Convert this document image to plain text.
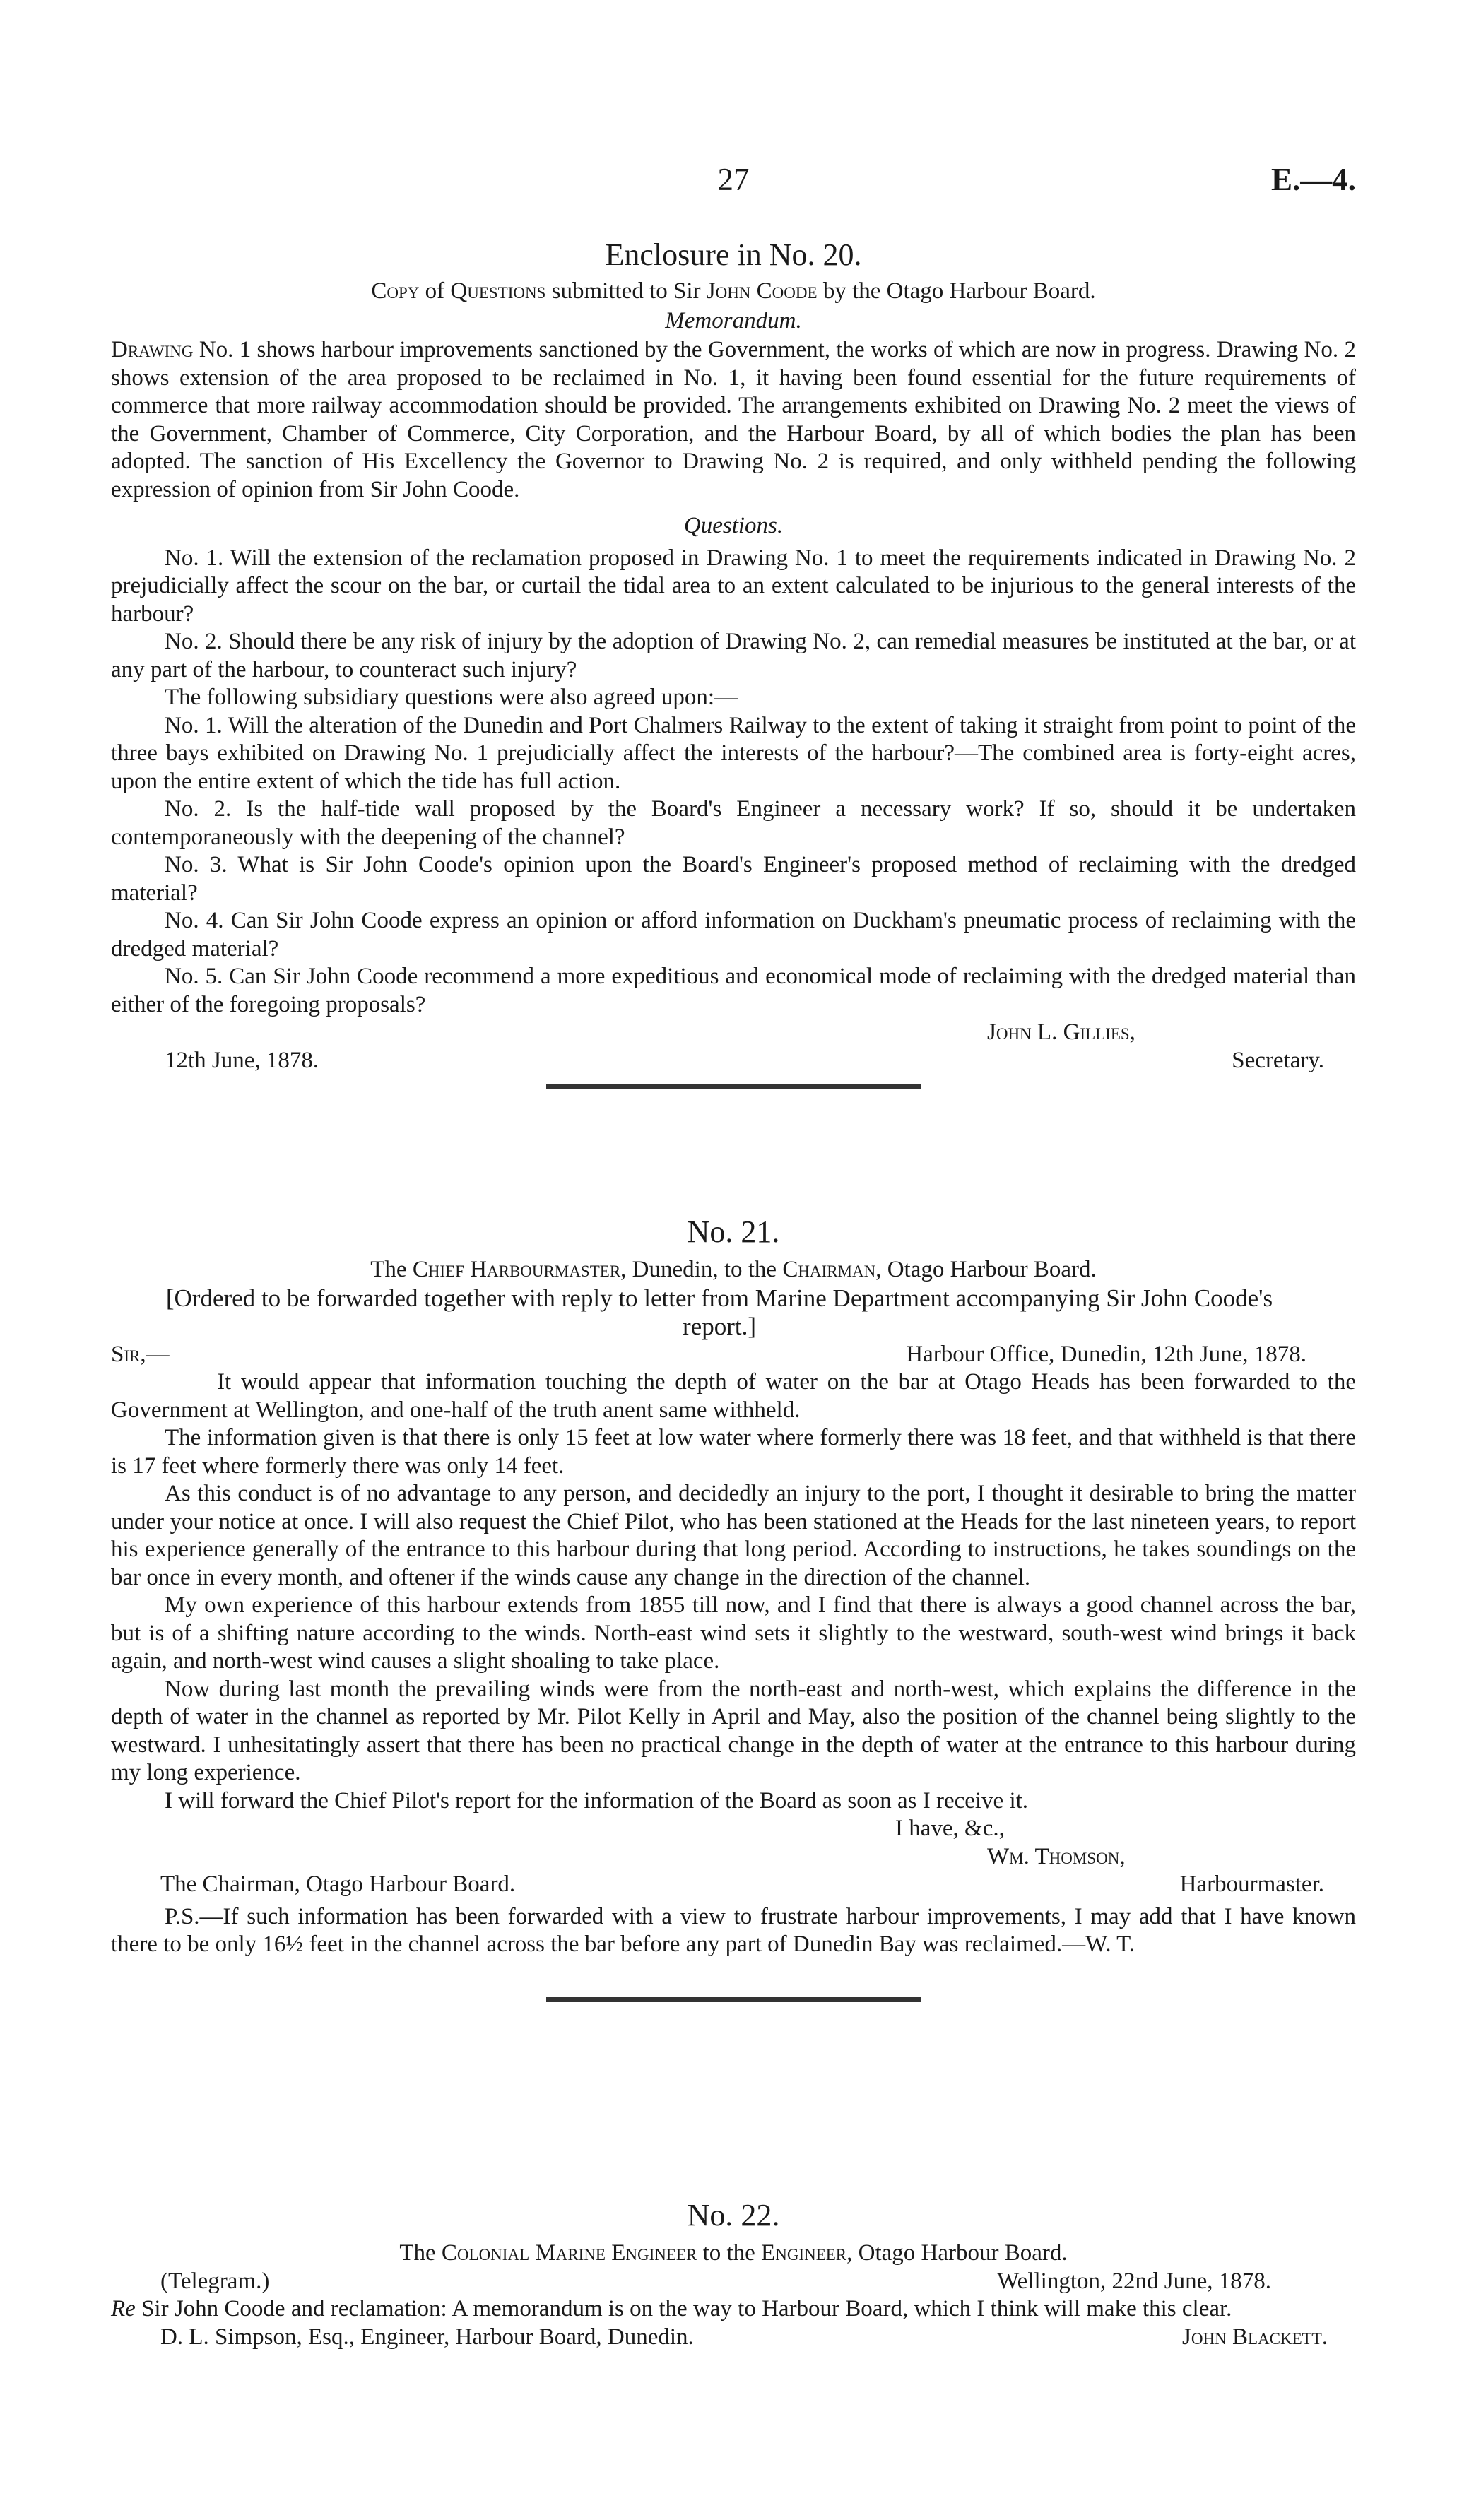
27	E.—4.
Enclosure in No. 20.
Copy of Questions submitted to Sir John Coode by the Otago Harbour Board.
Memorandum.

Drawing No. 1 shows harbour improvements sanctioned by the Government, the works of which are now in progress. Drawing No. 2 shows extension of the area proposed to be reclaimed in No. 1, it having been found essential for the future requirements of commerce that more railway accommodation should be provided. The arrangements exhibited on Drawing No. 2 meet the views of the Government, Chamber of Commerce, City Corporation, and the Harbour Board, by all of which bodies the plan has been adopted. The sanction of His Excellency the Governor to Drawing No. 2 is required, and only withheld pending the following expression of opinion from Sir John Coode.

Questions.

No. 1. Will the extension of the reclamation proposed in Drawing No. 1 to meet the requirements indicated in Drawing No. 2 prejudicially affect the scour on the bar, or curtail the tidal area to an extent calculated to be injurious to the general interests of the harbour?

No. 2. Should there be any risk of injury by the adoption of Drawing No. 2, can remedial measures be instituted at the bar, or at any part of the harbour, to counteract such injury?

The following subsidiary questions were also agreed upon:—

No. 1. Will the alteration of the Dunedin and Port Chalmers Railway to the extent of taking it straight from point to point of the three bays exhibited on Drawing No. 1 prejudicially affect the interests of the harbour?—The combined area is forty-eight acres, upon the entire extent of which the tide has full action.

No. 2. Is the half-tide wall proposed by the Board's Engineer a necessary work? If so, should it be undertaken contemporaneously with the deepening of the channel?

No. 3. What is Sir John Coode's opinion upon the Board's Engineer's proposed method of reclaiming with the dredged material?

No. 4. Can Sir John Coode express an opinion or afford information on Duckham's pneumatic process of reclaiming with the dredged material?

No. 5. Can Sir John Coode recommend a more expeditious and economical mode of reclaiming with the dredged material than either of the foregoing proposals?

John L. Gillies,
12th June, 1878.	Secretary.
No. 21.
The Chief Harbourmaster, Dunedin, to the Chairman, Otago Harbour Board.

[Ordered to be forwarded together with reply to letter from Marine Department accompanying Sir John Coode's report.]

Sir,—	Harbour Office, Dunedin, 12th June, 1878.

It would appear that information touching the depth of water on the bar at Otago Heads has been forwarded to the Government at Wellington, and one-half of the truth anent same withheld.

The information given is that there is only 15 feet at low water where formerly there was 18 feet, and that withheld is that there is 17 feet where formerly there was only 14 feet.

As this conduct is of no advantage to any person, and decidedly an injury to the port, I thought it desirable to bring the matter under your notice at once. I will also request the Chief Pilot, who has been stationed at the Heads for the last nineteen years, to report his experience generally of the entrance to this harbour during that long period. According to instructions, he takes soundings on the bar once in every month, and oftener if the winds cause any change in the direction of the channel.

My own experience of this harbour extends from 1855 till now, and I find that there is always a good channel across the bar, but is of a shifting nature according to the winds. North-east wind sets it slightly to the westward, south-west wind brings it back again, and north-west wind causes a slight shoaling to take place.

Now during last month the prevailing winds were from the north-east and north-west, which explains the difference in the depth of water in the channel as reported by Mr. Pilot Kelly in April and May, also the position of the channel being slightly to the westward. I unhesitatingly assert that there has been no practical change in the depth of water at the entrance to this harbour during my long experience.

I will forward the Chief Pilot's report for the information of the Board as soon as I receive it.

I have, &c.,
Wm. Thomson,
The Chairman, Otago Harbour Board.	Harbourmaster.

P.S.—If such information has been forwarded with a view to frustrate harbour improvements, I may add that I have known there to be only 16½ feet in the channel across the bar before any part of Dunedin Bay was reclaimed.—W. T.

No. 22.
The Colonial Marine Engineer to the Engineer, Otago Harbour Board.
(Telegram.)	Wellington, 22nd June, 1878.

Re Sir John Coode and reclamation: A memorandum is on the way to Harbour Board, which I think will make this clear.

D. L. Simpson, Esq., Engineer, Harbour Board, Dunedin.	John Blackett.
